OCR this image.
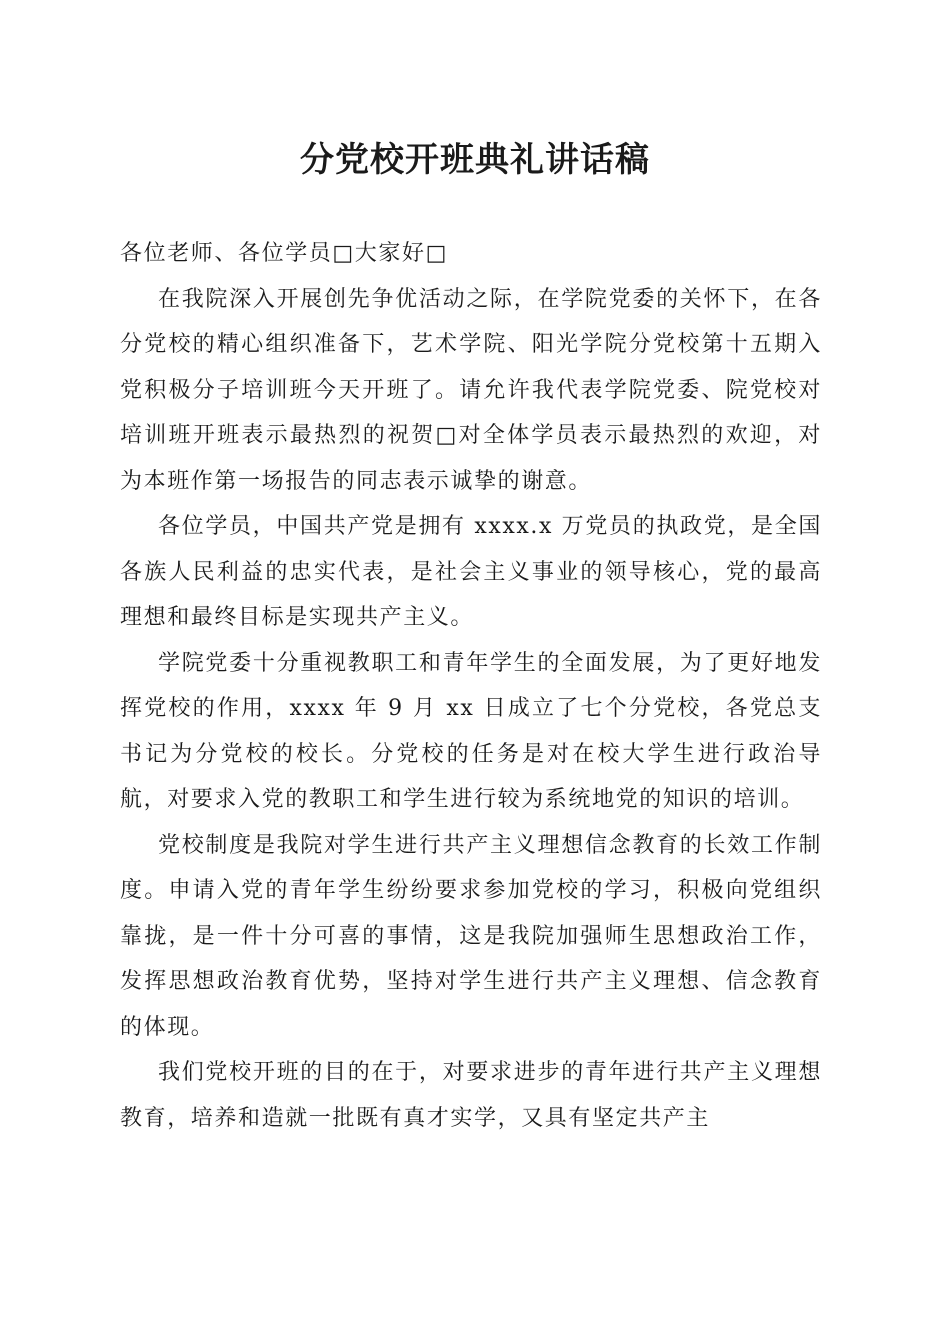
分党校开班典礼讲话稿

各位老师、各位学员□大家好□

在我院深入开展创先争优活动之际，在学院党委的关怀下，在各分党校的精心组织准备下，艺术学院、阳光学院分党校第十五期入党积极分子培训班今天开班了。请允许我代表学院党委、院党校对培训班开班表示最热烈的祝贺□对全体学员表示最热烈的欢迎，对为本班作第一场报告的同志表示诚挚的谢意。

各位学员，中国共产党是拥有 xxxx.x 万党员的执政党，是全国各族人民利益的忠实代表，是社会主义事业的领导核心，党的最高理想和最终目标是实现共产主义。

学院党委十分重视教职工和青年学生的全面发展，为了更好地发挥党校的作用，xxxx 年 9 月 xx 日成立了七个分党校，各党总支书记为分党校的校长。分党校的任务是对在校大学生进行政治导航，对要求入党的教职工和学生进行较为系统地党的知识的培训。

党校制度是我院对学生进行共产主义理想信念教育的长效工作制度。申请入党的青年学生纷纷要求参加党校的学习，积极向党组织靠拢，是一件十分可喜的事情，这是我院加强师生思想政治工作，发挥思想政治教育优势，坚持对学生进行共产主义理想、信念教育的体现。

我们党校开班的目的在于，对要求进步的青年进行共产主义理想教育，培养和造就一批既有真才实学，又具有坚定共产主
